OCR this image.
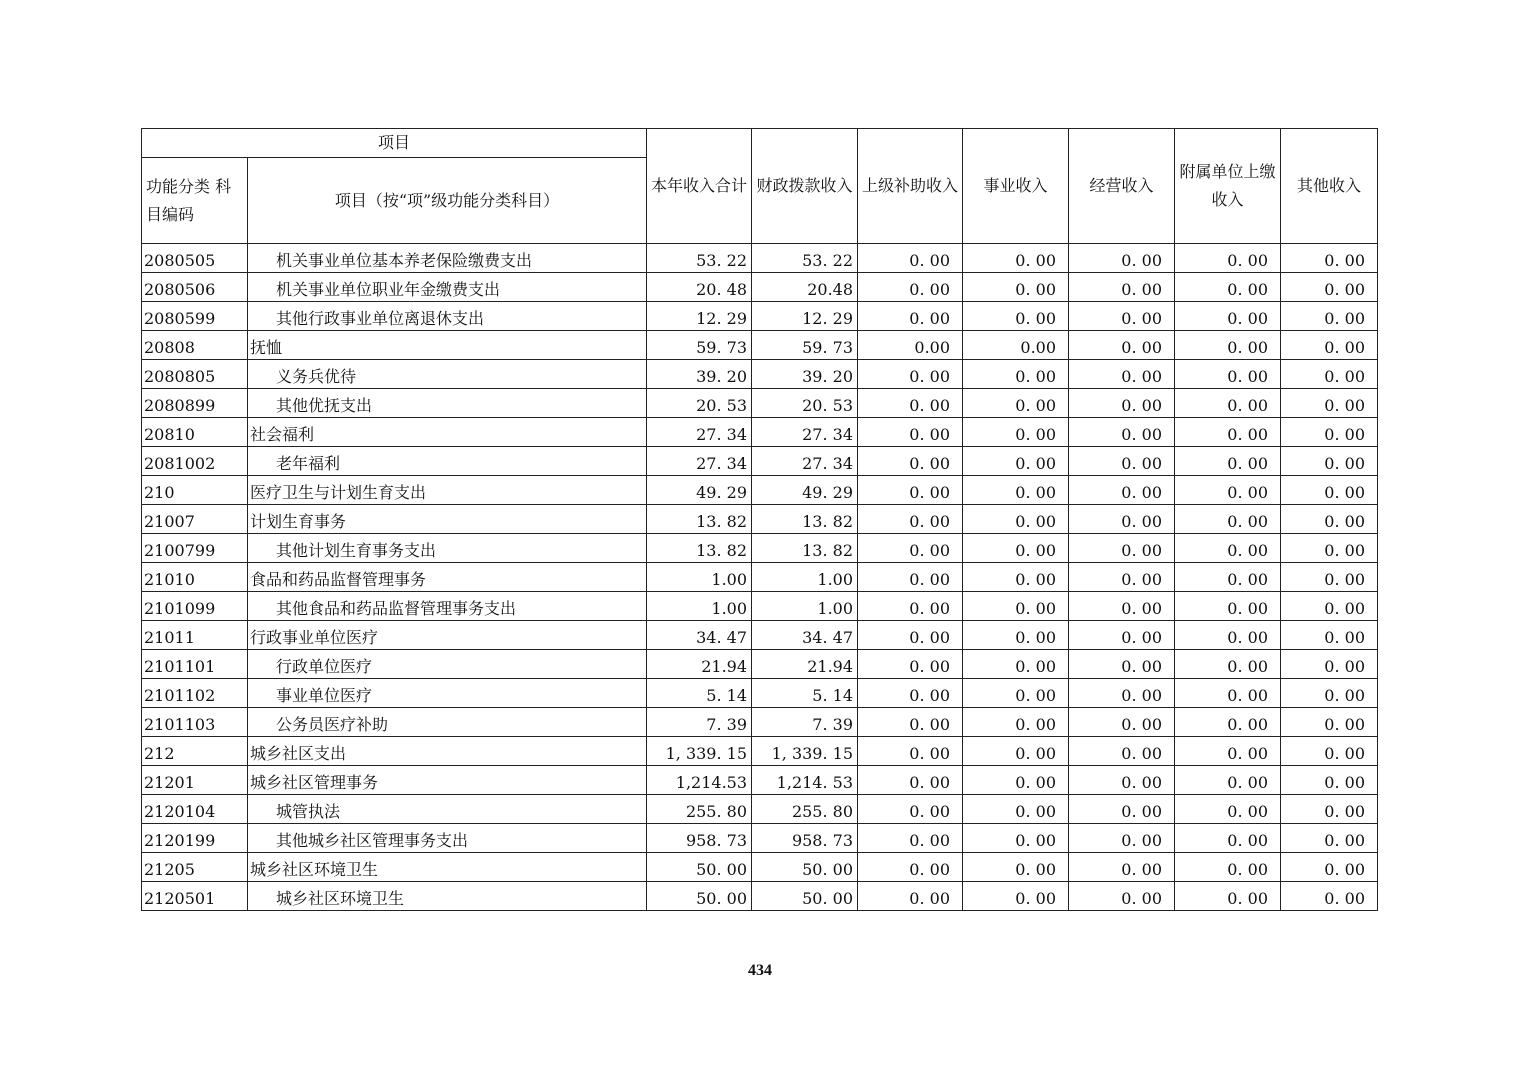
项目		本年收入合计	财政拨款收入	上级补助收入	事业收入	经营收入	附属单位上缴收入	其他收入
功能分类 科目编码	项目（按“项”级功能分类科目）							
2080505	机关事业单位基本养老保险缴费支出	53. 22	53. 22	0. 00	0. 00	0. 00	0. 00	0. 00
2080506	机关事业单位职业年金缴费支出	20. 48	20.48	0. 00	0. 00	0. 00	0. 00	0. 00
2080599	其他行政事业单位离退休支出	12. 29	12. 29	0. 00	0. 00	0. 00	0. 00	0. 00
20808	抚恤	59. 73	59. 73	0.00	0.00	0. 00	0. 00	0. 00
2080805	义务兵优待	39. 20	39. 20	0. 00	0. 00	0. 00	0. 00	0. 00
2080899	其他优抚支出	20. 53	20. 53	0. 00	0. 00	0. 00	0. 00	0. 00
20810	社会福利	27. 34	27. 34	0. 00	0. 00	0. 00	0. 00	0. 00
2081002	老年福利	27. 34	27. 34	0. 00	0. 00	0. 00	0. 00	0. 00
210	医疗卫生与计划生育支出	49. 29	49. 29	0. 00	0. 00	0. 00	0. 00	0. 00
21007	计划生育事务	13. 82	13. 82	0. 00	0. 00	0. 00	0. 00	0. 00
2100799	其他计划生育事务支出	13. 82	13. 82	0. 00	0. 00	0. 00	0. 00	0. 00
21010	食品和药品监督管理事务	1.00	1.00	0. 00	0. 00	0. 00	0. 00	0. 00
2101099	其他食品和药品监督管理事务支出	1.00	1.00	0. 00	0. 00	0. 00	0. 00	0. 00
21011	行政事业单位医疗	34. 47	34. 47	0. 00	0. 00	0. 00	0. 00	0. 00
2101101	行政单位医疗	21.94	21.94	0. 00	0. 00	0. 00	0. 00	0. 00
2101102	事业单位医疗	5. 14	5. 14	0. 00	0. 00	0. 00	0. 00	0. 00
2101103	公务员医疗补助	7. 39	7. 39	0. 00	0. 00	0. 00	0. 00	0. 00
212	城乡社区支出	1, 339. 15	1, 339. 15	0. 00	0. 00	0. 00	0. 00	0. 00
21201	城乡社区管理事务	1,214.53	1,214. 53	0. 00	0. 00	0. 00	0. 00	0. 00
2120104	城管执法	255. 80	255. 80	0. 00	0. 00	0. 00	0. 00	0. 00
2120199	其他城乡社区管理事务支出	958. 73	958. 73	0. 00	0. 00	0. 00	0. 00	0. 00
21205	城乡社区环境卫生	50. 00	50. 00	0. 00	0. 00	0. 00	0. 00	0. 00
2120501	城乡社区环境卫生	50. 00	50. 00	0. 00	0. 00	0. 00	0. 00	0. 00
434
